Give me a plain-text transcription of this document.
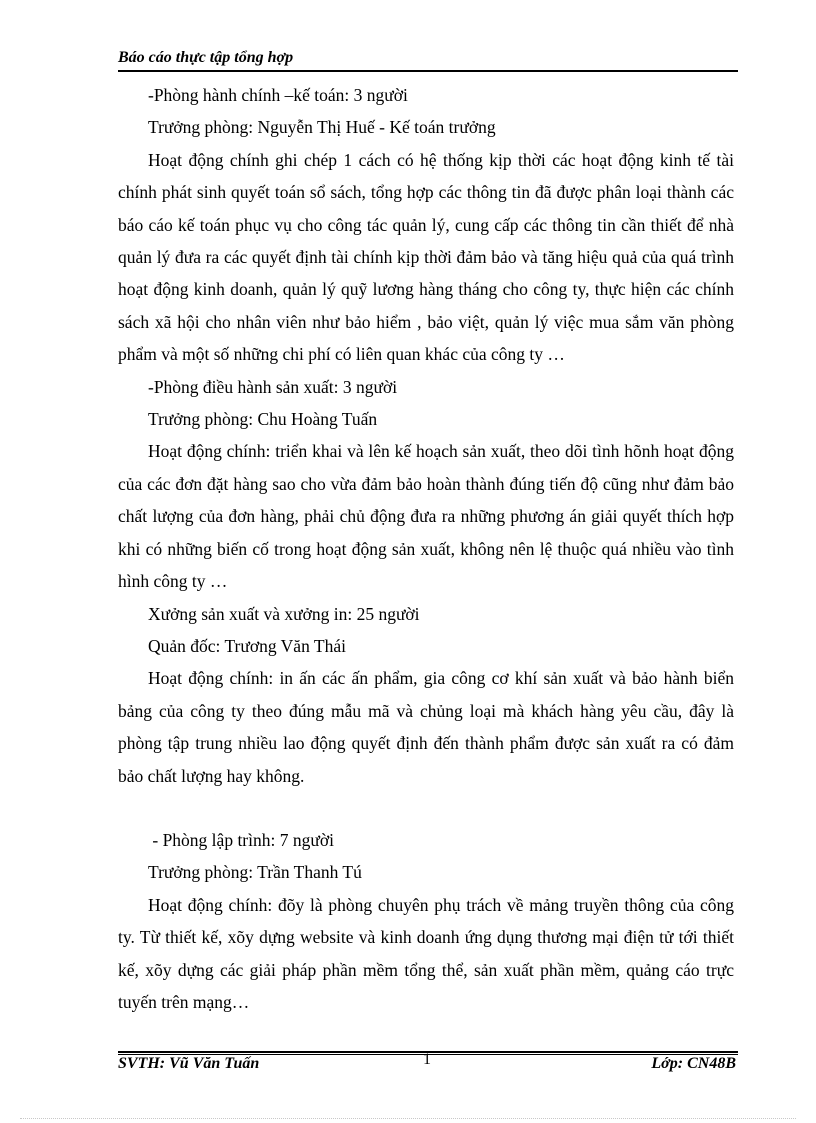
Báo cáo thực tập tổng hợp

-Phòng hành chính –kế toán: 3 người

Trưởng phòng: Nguyễn Thị Huế - Kế toán trưởng

Hoạt động chính ghi chép 1 cách có hệ thống kịp thời các hoạt động kinh tế tài chính phát sinh quyết toán sổ sách, tổng hợp các thông tin đã được phân loại thành các báo cáo kế toán phục vụ cho công tác quản lý, cung cấp các thông tin cần thiết để nhà quản lý đưa ra các quyết định tài chính kịp thời đảm bảo và tăng hiệu quả của quá trình hoạt động kinh doanh, quản lý quỹ lương hàng tháng cho công ty, thực hiện các chính sách xã hội cho nhân viên như bảo hiểm , bảo việt, quản lý việc mua sắm văn phòng phẩm và một số những chi phí có liên quan khác của công ty …

-Phòng điều hành sản xuất: 3 người

Trưởng phòng: Chu Hoàng Tuấn

Hoạt động chính: triển khai và lên kế hoạch sản xuất, theo dõi tình hõnh hoạt động của các đơn đặt hàng sao cho vừa đảm bảo hoàn thành đúng tiến độ cũng như đảm bảo chất lượng của đơn hàng, phải chủ động đưa ra những phương án giải quyết thích hợp khi có những biến cố trong hoạt động sản xuất, không nên lệ thuộc quá nhiều vào tình hình công ty …

Xưởng sản xuất và xưởng in: 25 người

Quản đốc: Trương Văn Thái

Hoạt động chính: in ấn các ấn phẩm, gia công cơ khí sản xuất và bảo hành biển bảng của công ty theo đúng mẫu mã và chủng loại mà khách hàng yêu cầu, đây là phòng tập trung nhiều lao động quyết định đến thành phẩm được sản xuất ra có đảm bảo chất lượng hay không.

- Phòng lập trình: 7 người

Trưởng phòng: Trần Thanh Tú

Hoạt động chính: đõy là phòng chuyên phụ trách về mảng truyền thông của công ty. Từ thiết kế, xõy dựng website và kinh doanh ứng dụng thương mại điện tử tới thiết kế, xõy dựng các giải pháp phần mềm tổng thể, sản xuất phần mềm, quảng cáo trực tuyến trên mạng…

SVTH: Vũ Văn Tuấn	1	Lớp: CN48B
